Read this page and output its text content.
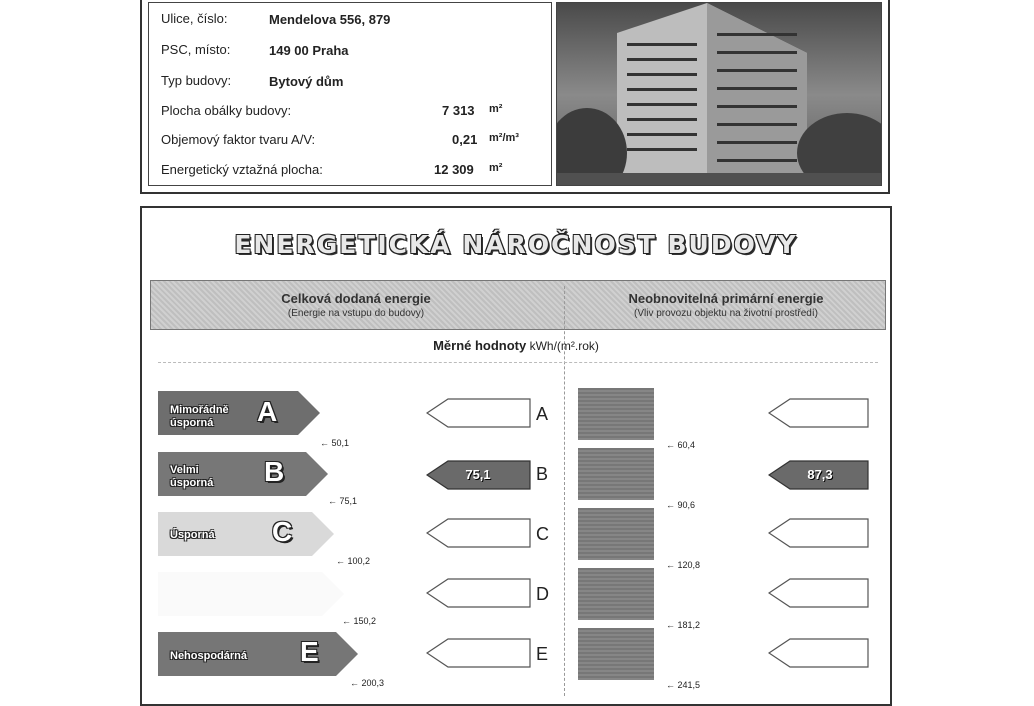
Ulice, číslo:	Mendelova 556, 879
PSC, místo:	149 00 Praha
Typ budovy:	Bytový dům
Plocha obálky budovy:	7 313 m²
Objemový faktor tvaru A/V:	0,21 m²/m³
Energetický vztažná plocha:	12 309 m²
ENERGETICKÁ NÁROČNOST BUDOVY
Celková dodaná energie
(Energie na vstupu do budovy)
Neobnovitelná primární energie
(Vliv provozu objektu na životní prostředí)
Měrné hodnoty kWh/(m².rok)
Mimořádně
úsporná A
← 50,1
Velmi
úsporná B
← 75,1
Úsporná C
← 100,2
← 150,2
Nehospodárná E
← 200,3
75,1
A
B
C
D
E
← 60,4
← 90,6
← 120,8
← 181,2
← 241,5
87,3
